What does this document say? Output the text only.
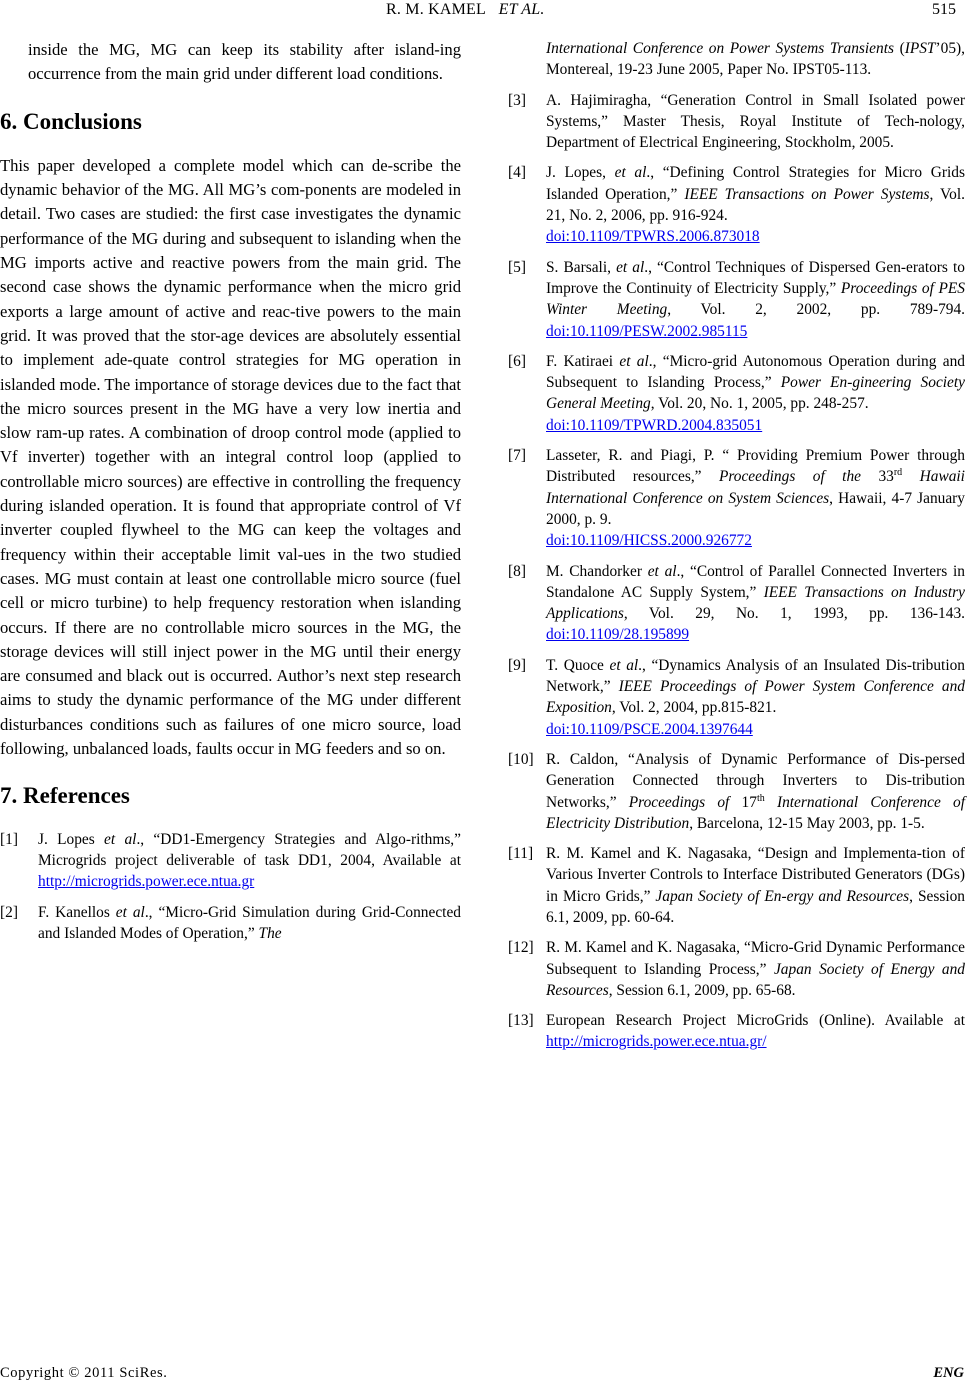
R. M. KAMEL ET AL.	515

inside the MG, MG can keep its stability after island-ing occurrence from the main grid under different load conditions.

6. Conclusions

This paper developed a complete model which can de-scribe the dynamic behavior of the MG. All MG’s com-ponents are modeled in detail. Two cases are studied: the first case investigates the dynamic performance of the MG during and subsequent to islanding when the MG imports active and reactive powers from the main grid. The second case shows the dynamic performance when the micro grid exports a large amount of active and reac-tive powers to the main grid. It was proved that the stor-age devices are absolutely essential to implement ade-quate control strategies for MG operation in islanded mode. The importance of storage devices due to the fact that the micro sources present in the MG have a very low inertia and slow ram-up rates. A combination of droop control mode (applied to Vf inverter) together with an integral control loop (applied to controllable micro sources) are effective in controlling the frequency during islanded operation. It is found that appropriate control of Vf inverter coupled flywheel to the MG can keep the voltages and frequency within their acceptable limit val-ues in the two studied cases. MG must contain at least one controllable micro source (fuel cell or micro turbine) to help frequency restoration when islanding occurs. If there are no controllable micro sources in the MG, the storage devices will still inject power in the MG until their energy are consumed and black out is occurred. Author’s next step research aims to study the dynamic performance of the MG under different disturbances conditions such as failures of one micro source, load following, unbalanced loads, faults occur in MG feeders and so on.

7. References
[1] J. Lopes et al., “DD1-Emergency Strategies and Algo-rithms,” Microgrids project deliverable of task DD1, 2004, Available at http://microgrids.power.ece.ntua.gr
[2] F. Kanellos et al., “Micro-Grid Simulation during Grid-Connected and Islanded Modes of Operation,” The
International Conference on Power Systems Transients (IPST’05), Montereal, 19-23 June 2005, Paper No. IPST05-113.
[3] A. Hajimiragha, “Generation Control in Small Isolated power Systems,” Master Thesis, Royal Institute of Tech-nology, Department of Electrical Engineering, Stockholm, 2005.
[4] J. Lopes, et al., “Defining Control Strategies for Micro Grids Islanded Operation,” IEEE Transactions on Power Systems, Vol. 21, No. 2, 2006, pp. 916-924.
doi:10.1109/TPWRS.2006.873018
[5] S. Barsali, et al., “Control Techniques of Dispersed Gen-erators to Improve the Continuity of Electricity Supply,” Proceedings of PES Winter Meeting, Vol. 2, 2002, pp. 789-794. doi:10.1109/PESW.2002.985115
[6] F. Katiraei et al., “Micro-grid Autonomous Operation during and Subsequent to Islanding Process,” Power En-gineering Society General Meeting, Vol. 20, No. 1, 2005, pp. 248-257.
doi:10.1109/TPWRD.2004.835051
[7] Lasseter, R. and Piagi, P. “ Providing Premium Power through Distributed resources,” Proceedings of the 33rd Hawaii International Conference on System Sciences, Hawaii, 4-7 January 2000, p. 9.
doi:10.1109/HICSS.2000.926772
[8] M. Chandorker et al., “Control of Parallel Connected Inverters in Standalone AC Supply System,” IEEE Transactions on Industry Applications, Vol. 29, No. 1, 1993, pp. 136-143. doi:10.1109/28.195899
[9] T. Quoce et al., “Dynamics Analysis of an Insulated Dis-tribution Network,” IEEE Proceedings of Power System Conference and Exposition, Vol. 2, 2004, pp.815-821.
doi:10.1109/PSCE.2004.1397644
[10] R. Caldon, “Analysis of Dynamic Performance of Dis-persed Generation Connected through Inverters to Dis-tribution Networks,” Proceedings of 17th International Conference of Electricity Distribution, Barcelona, 12-15 May 2003, pp. 1-5.
[11] R. M. Kamel and K. Nagasaka, “Design and Implementa-tion of Various Inverter Controls to Interface Distributed Generators (DGs) in Micro Grids,” Japan Society of En-ergy and Resources, Session 6.1, 2009, pp. 60-64.
[12] R. M. Kamel and K. Nagasaka, “Micro-Grid Dynamic Performance Subsequent to Islanding Process,” Japan Society of Energy and Resources, Session 6.1, 2009, pp. 65-68.
[13] European Research Project MicroGrids (Online). Available at http://microgrids.power.ece.ntua.gr/
Copyright © 2011 SciRes.	ENG
